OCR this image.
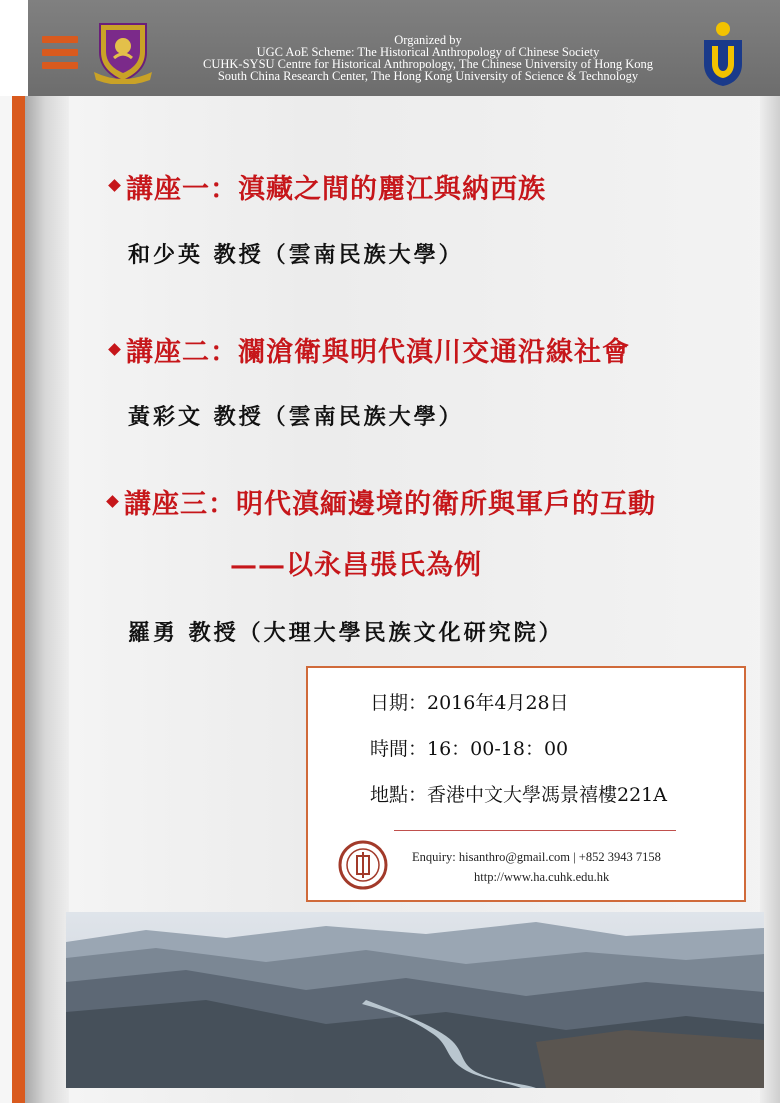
Organized by
UGC AoE Scheme: The Historical Anthropology of Chinese Society
CUHK-SYSU Centre for Historical Anthropology, The Chinese University of Hong Kong
South China Research Center, The Hong Kong University of Science & Technology
講座一：滇藏之間的麗江與納西族
和少英 教授（雲南民族大學）
講座二：瀾滄衛與明代滇川交通沿線社會
黃彩文 教授（雲南民族大學）
講座三：明代滇緬邊境的衛所與軍戶的互動
——以永昌張氏為例
羅勇 教授（大理大學民族文化研究院）
日期：2016年4月28日
時間：16：00-18：00
地點：香港中文大學馮景禧樓221A
Enquiry: hisanthro@gmail.com | +852 3943 7158
http://www.ha.cuhk.edu.hk
